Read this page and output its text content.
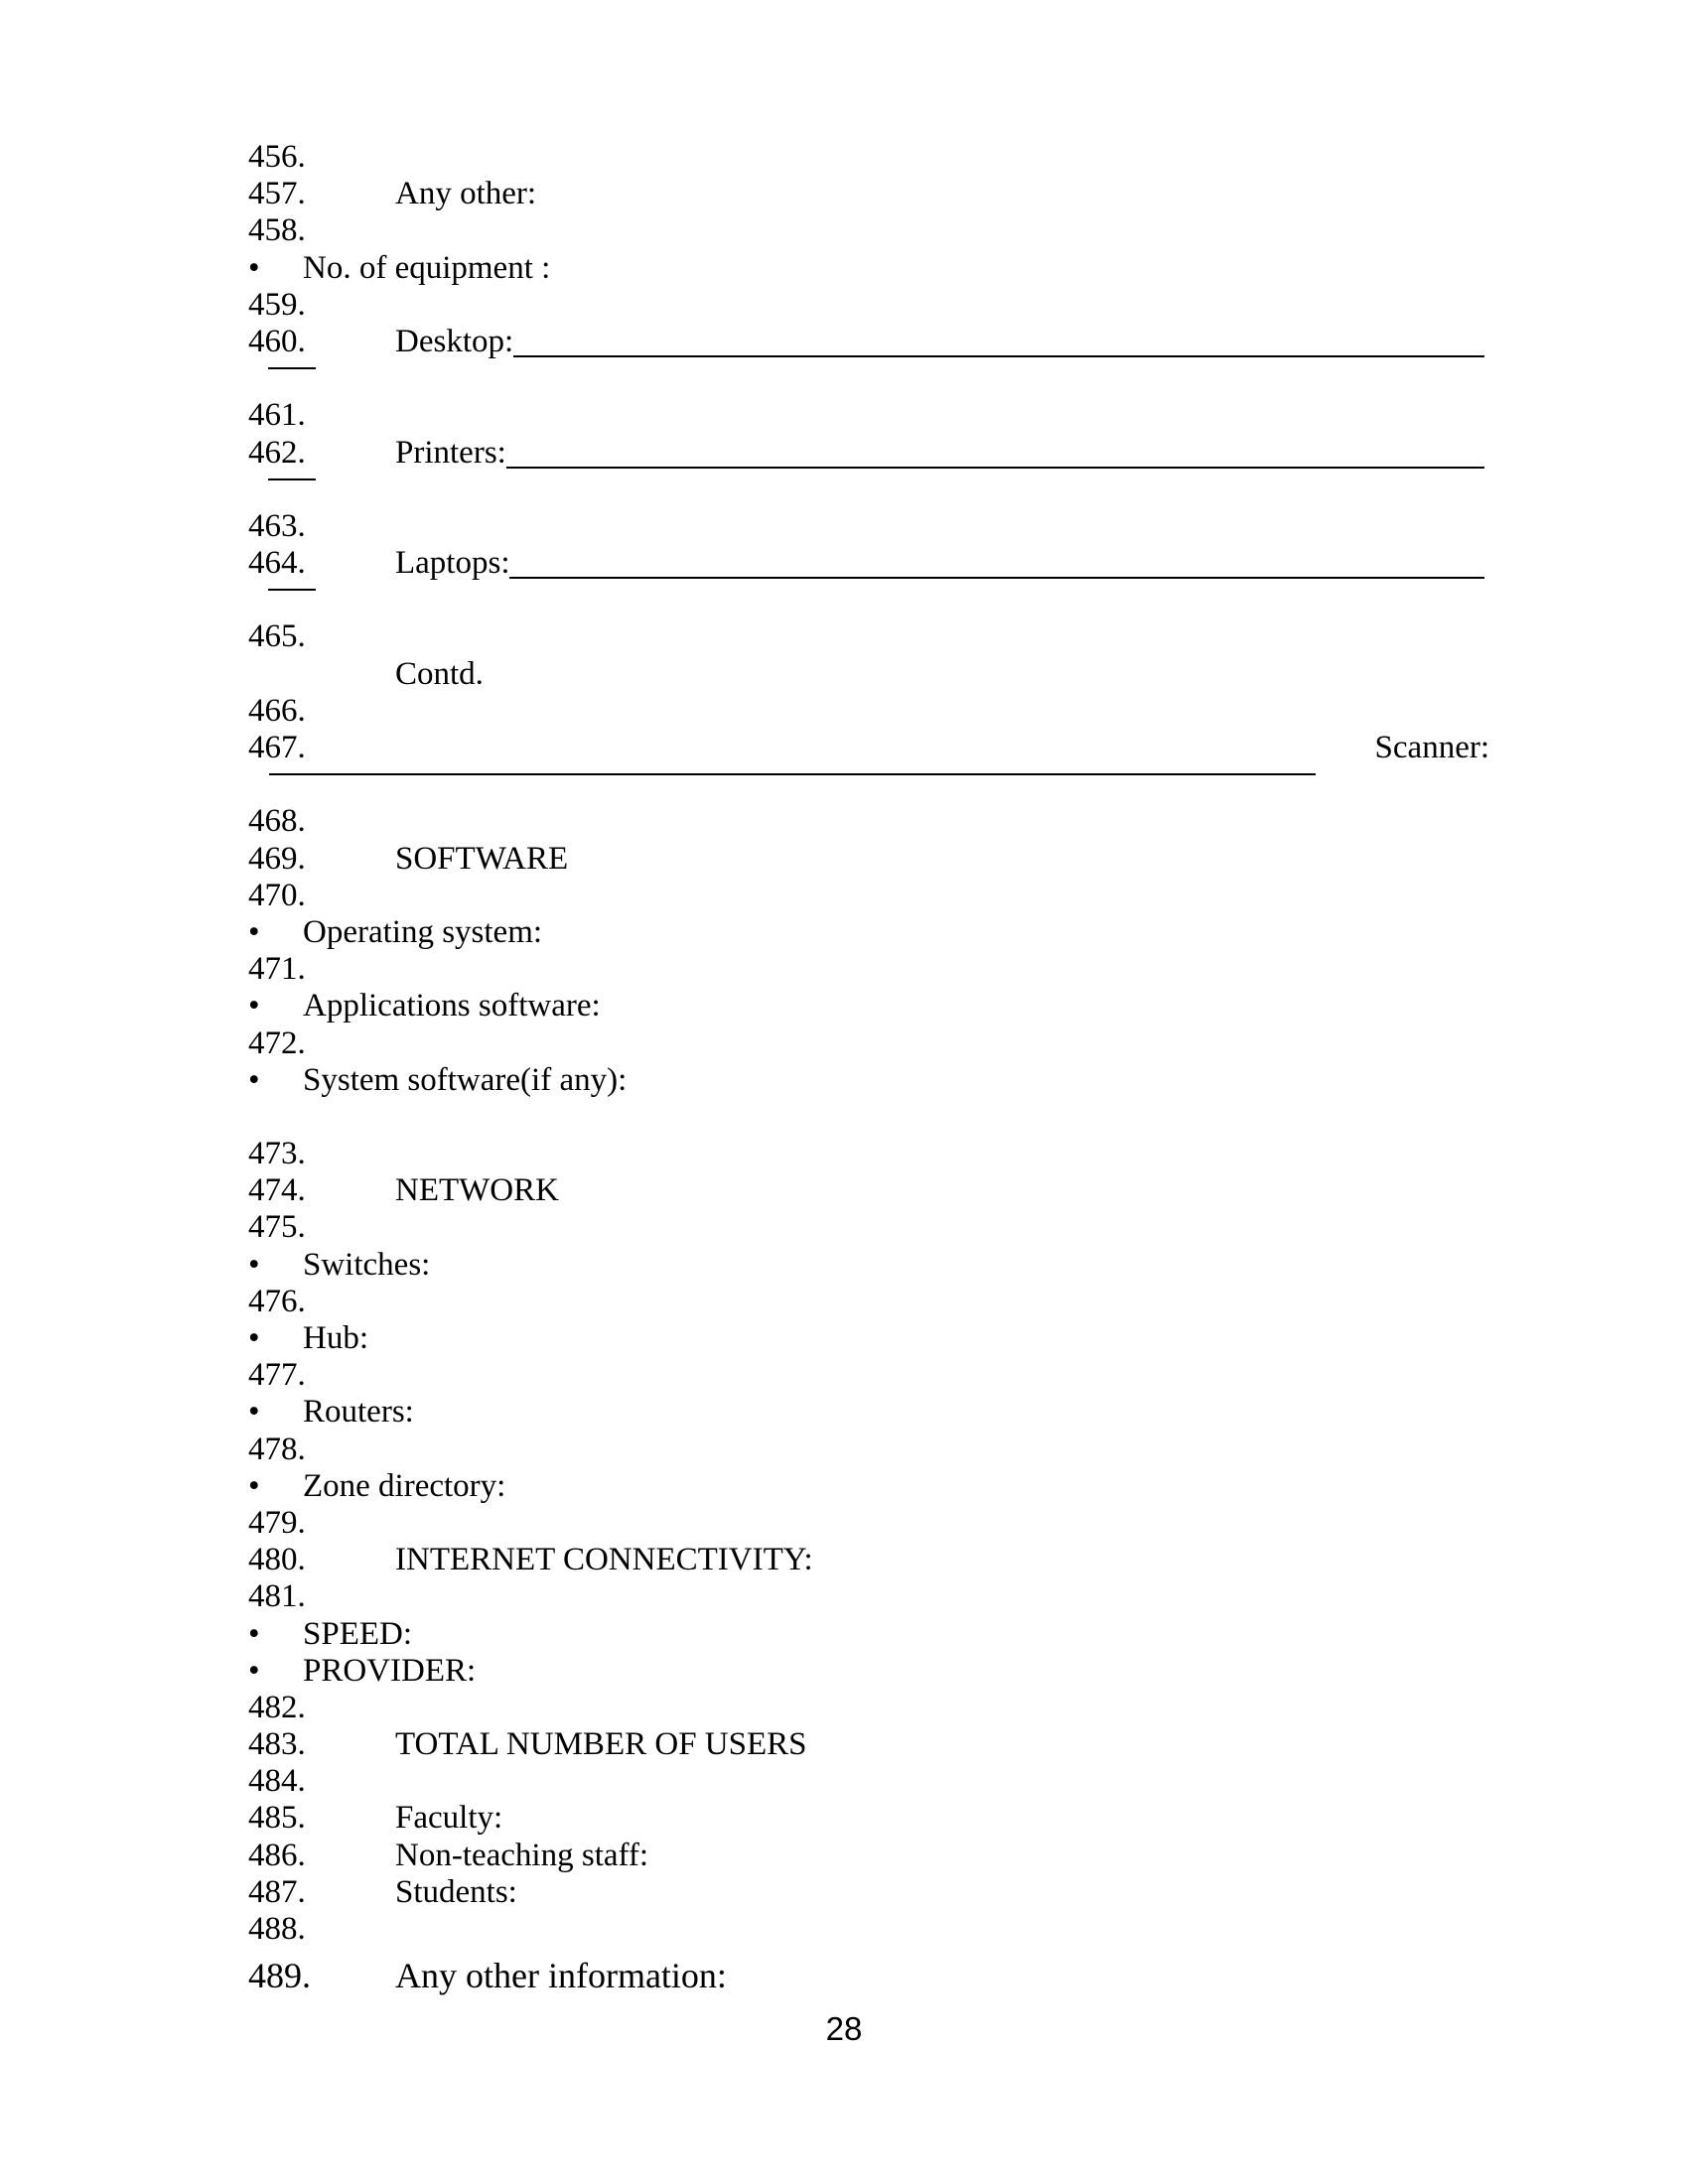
456.
457.	Any other:
458.
•	No. of equipment :
459.
460.	Desktop:
461.
462.	Printers:
463.
464.	Laptops:
465.
Contd.
466.
467.	Scanner:
468.
469.	SOFTWARE
470.
•	Operating system:
471.
•	Applications software:
472.
•	System software(if any):
473.
474.	NETWORK
475.
•	Switches:
476.
•	Hub:
477.
•	Routers:
478.
•	Zone directory:
479.
480.	INTERNET CONNECTIVITY:
481.
•	SPEED:
•	PROVIDER:
482.
483.	TOTAL NUMBER OF USERS
484.
485.	Faculty:
486.	Non-teaching staff:
487.	Students:
488.
489.	Any other information:
28
